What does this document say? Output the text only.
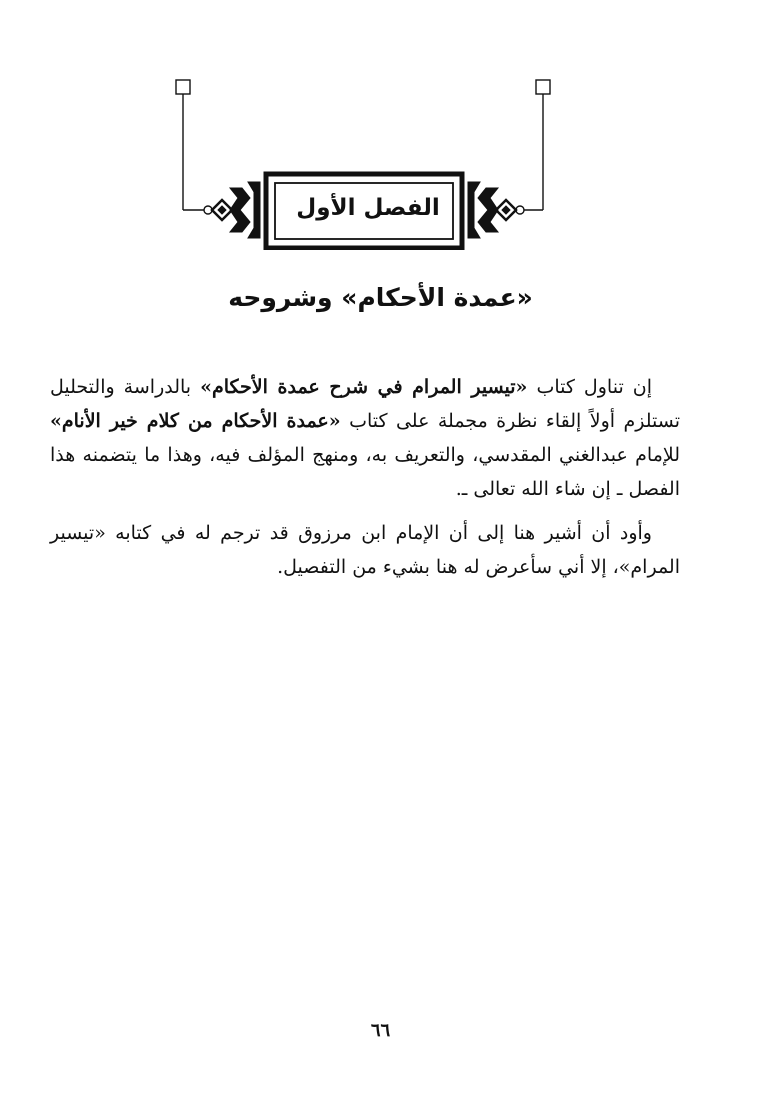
الفصل الأول
«عمدة الأحكام» وشروحه

إن تناول كتاب «تيسير المرام في شرح عمدة الأحكام» بالدراسة والتحليل تستلزم أولاً إلقاء نظرة مجملة على كتاب «عمدة الأحكام من كلام خير الأنام» للإمام عبدالغني المقدسي، والتعريف به، ومنهج المؤلف فيه، وهذا ما يتضمنه هذا الفصل ـ إن شاء الله تعالى ـ.

وأود أن أشير هنا إلى أن الإمام ابن مرزوق قد ترجم له في كتابه «تيسير المرام»، إلا أني سأعرض له هنا بشيء من التفصيل.

٦٦
